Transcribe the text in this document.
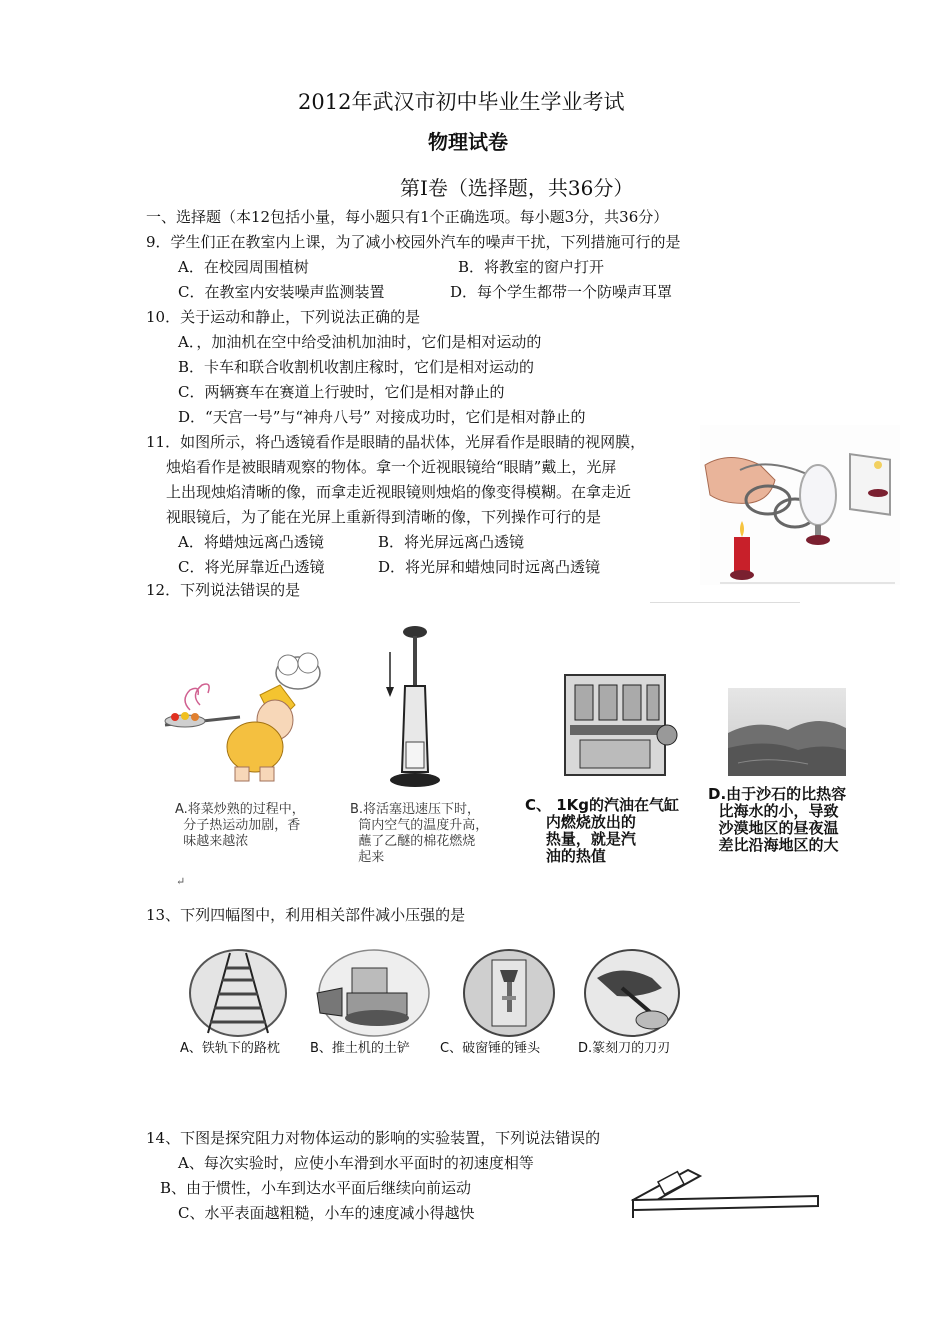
2012年武汉市初中毕业生学业考试
物理试卷
第Ⅰ卷（选择题，共36分）
一、选择题（本12包括小量，每小题只有1个正确选项。每小题3分，共36分）
9．学生们正在教室内上课，为了减小校园外汽车的噪声干扰，下列措施可行的是
A．在校园周围植树	B．将教室的窗户打开
C．在教室内安装噪声监测装置	D．每个学生都带一个防噪声耳罩
10．关于运动和静止，下列说法正确的是
A．，加油机在空中给受油机加油时，它们是相对运动的
B．卡车和联合收割机收割庄稼时，它们是相对运动的
C．两辆赛车在赛道上行驶时，它们是相对静止的
D．“天宫一号”与“神舟八号” 对接成功时，它们是相对静止的
11．如图所示，将凸透镜看作是眼睛的晶状体，光屏看作是眼睛的视网膜，
烛焰看作是被眼睛观察的物体。拿一个近视眼镜给“眼睛”戴上，光屏
上出现烛焰清晰的像，而拿走近视眼镜则烛焰的像变得模糊。在拿走近
视眼镜后，为了能在光屏上重新得到清晰的像，下列操作可行的是
A．将蜡烛远离凸透镜	B．将光屏远离凸透镜
C．将光屏靠近凸透镜	D．将光屏和蜡烛同时远离凸透镜
12．下列说法错误的是
A.将菜炒熟的过程中，
分子热运动加剧，香
味越来越浓
↵
B.将活塞迅速压下时，
筒内空气的温度升高，
蘸了乙醚的棉花燃烧
起来
C、 1Kg的汽油在气缸
内燃烧放出的
热量，就是汽
油的热值
D.由于沙石的比热容
比海水的小，导致
沙漠地区的昼夜温
差比沿海地区的大
13、下列四幅图中，利用相关部件减小压强的是
A、铁轨下的路枕 B、推土机的土铲 C、破窗锤的锤头	D.篆刻刀的刀刃
14、下图是探究阻力对物体运动的影响的实验装置，下列说法错误的
A、每次实验时，应使小车滑到水平面时的初速度相等
B、由于惯性，小车到达水平面后继续向前运动
C、水平表面越粗糙，小车的速度减小得越快
